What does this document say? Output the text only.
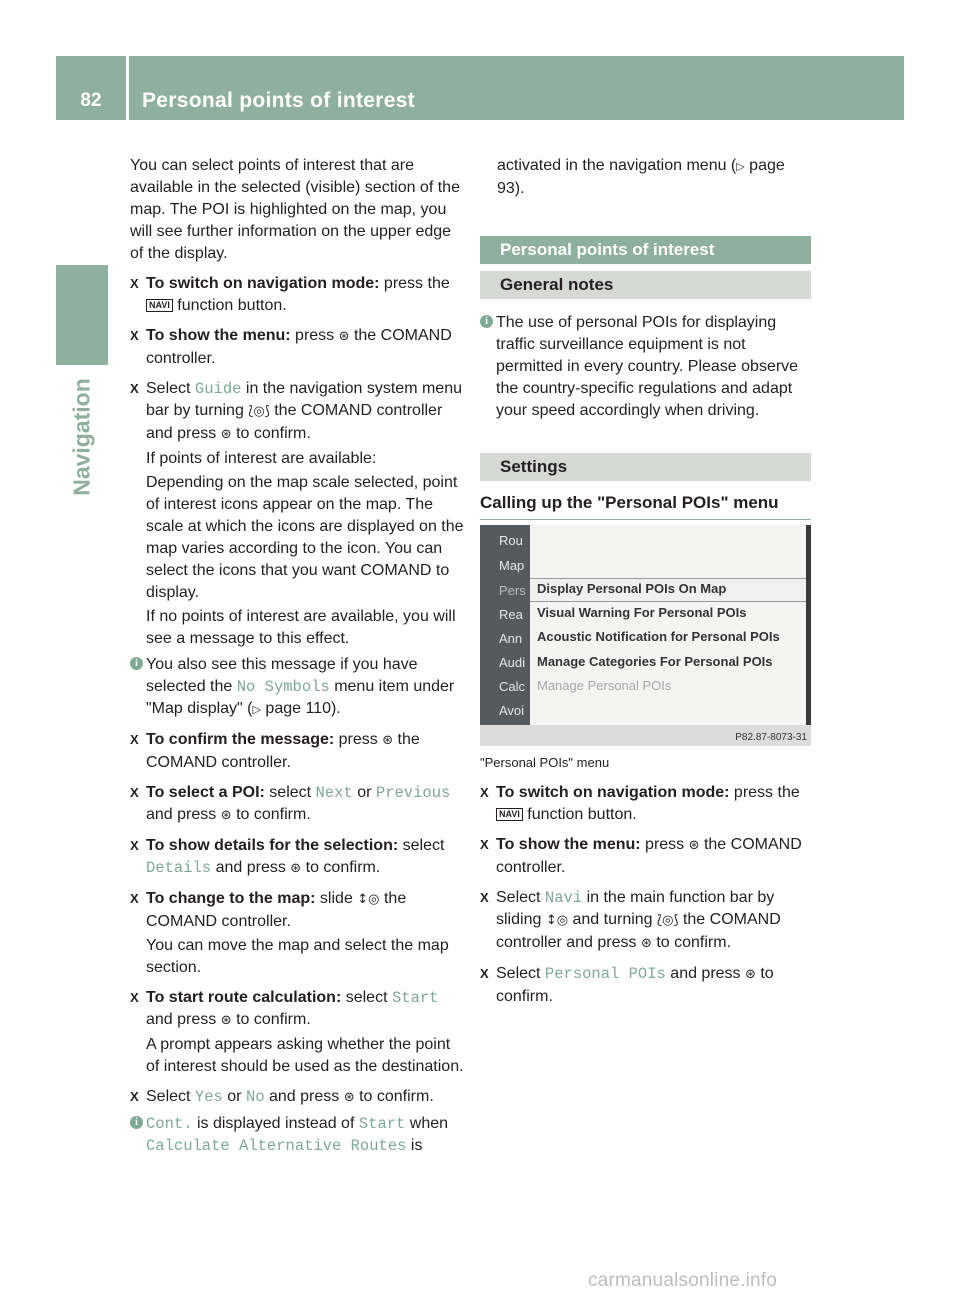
82	Personal points of interest
Navigation

You can select points of interest that are available in the selected (visible) section of the map. The POI is highlighted on the map, you will see further information on the upper edge of the display.

X To switch on navigation mode: press the NAVI function button.
X To show the menu: press ⊛ the COMAND controller.
X Select Guide in the navigation system menu bar by turning ⟅◎⟆ the COMAND controller and press ⊛ to confirm.

If points of interest are available:

Depending on the map scale selected, point of interest icons appear on the map. The scale at which the icons are displayed on the map varies according to the icon. You can select the icons that you want COMAND to display.

If no points of interest are available, you will see a message to this effect.

i You also see this message if you have selected the No Symbols menu item under "Map display" (▷ page 110).
X To confirm the message: press ⊛ the COMAND controller.
X To select a POI: select Next or Previous and press ⊛ to confirm.
X To show details for the selection: select Details and press ⊛ to confirm.
X To change to the map: slide ↕◎ the COMAND controller.

You can move the map and select the map section.

X To start route calculation: select Start and press ⊛ to confirm.

A prompt appears asking whether the point of interest should be used as the destination.

X Select Yes or No and press ⊛ to confirm.
i Cont. is displayed instead of Start when Calculate Alternative Routes is

activated in the navigation menu (▷ page 93).

Personal points of interest
General notes
i The use of personal POIs for displaying traffic surveillance equipment is not permitted in every country. Please observe the country-specific regulations and adapt your speed accordingly when driving.
Settings
Calling up the "Personal POIs" menu
Rou
Map
Pers
Rea
Ann
Audi
Calc
Avoi
Display Personal POIs On Map
Visual Warning For Personal POIs
Acoustic Notification for Personal POIs
Manage Categories For Personal POIs
Manage Personal POIs
P82.87-8073-31
"Personal POIs" menu
X To switch on navigation mode: press the NAVI function button.
X To show the menu: press ⊛ the COMAND controller.
X Select Navi in the main function bar by sliding ↕◎ and turning ⟅◎⟆ the COMAND controller and press ⊛ to confirm.
X Select Personal POIs and press ⊛ to confirm.
carmanualsonline.info
